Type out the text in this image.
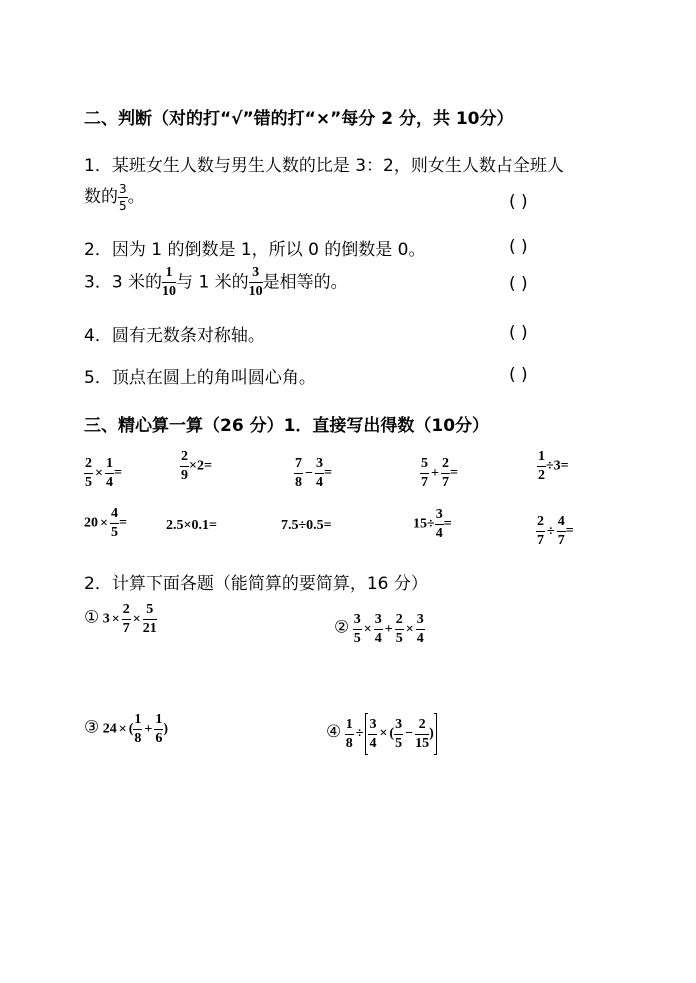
二、判断（对的打“√”错的打“×”每分 2 分，共 10分）
1．某班女生人数与男生人数的比是 3：2，则女生人数占全班人
数的 $\frac{3}{5}$ 。	( )
2．因为 1 的倒数是 1，所以 0 的倒数是 0。	( )
3．3 米的 $\frac{1}{10}$ 与 1 米的 $\frac{3}{10}$ 是相等的。	( )
4．圆有无数条对称轴。	( )
5．顶点在圆上的角叫圆心角。	( )
三、精心算一算（26 分）1．直接写出得数（10分）
$\frac{2}{5} \times \frac{1}{4}$ =	$\frac{2}{9} \times 2=$	$\frac{7}{8} - \frac{3}{4}$ =	$\frac{5}{7} + \frac{2}{7}$ =	$\frac{1}{2} \div 3=$
$20 \times \frac{4}{5}$ =	2.5×0.1=	7.5÷0.5=	$15\div \frac{3}{4}$ =	$\frac{2}{7} \div \frac{4}{7}$ =
2．计算下面各题（能简算的要简算，16 分）
① $3 \times \frac{2}{7} \times \frac{5}{21}$	② $\frac{3}{5} \times \frac{3}{4} + \frac{2}{5} \times \frac{3}{4}$
③ 24 × ( $\frac{1}{8} + \frac{1}{6}$ )	④ $\frac{1}{8} \div \frac{3}{4}$ × ( $\frac{3}{5} - \frac{2}{15}$ )
